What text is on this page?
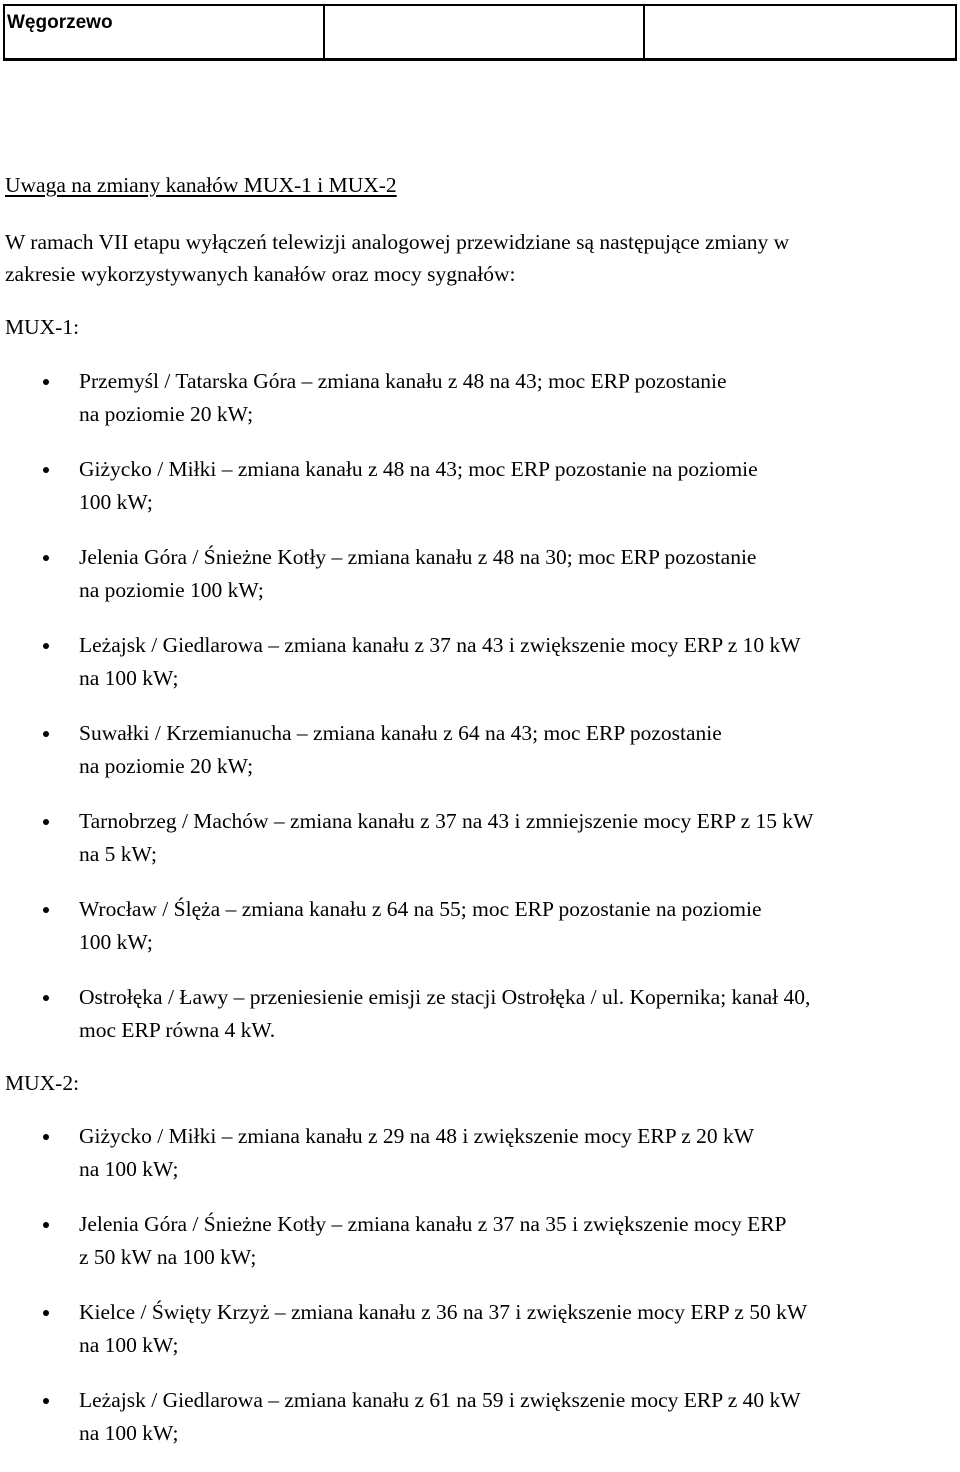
Węgorzewo

Uwaga na zmiany kanałów MUX-1 i MUX-2
W ramach VII etapu wyłączeń telewizji analogowej przewidziane są następujące zmiany w
zakresie wykorzystywanych kanałów oraz mocy sygnałów:
MUX-1:
Przemyśl / Tatarska Góra – zmiana kanału z 48 na 43; moc ERP pozostanie
na poziomie 20 kW;
Giżycko / Miłki – zmiana kanału z 48 na 43; moc ERP pozostanie na poziomie
100 kW;
Jelenia Góra / Śnieżne Kotły – zmiana kanału z 48 na 30; moc ERP pozostanie
na poziomie 100 kW;
Leżajsk / Giedlarowa – zmiana kanału z 37 na 43 i zwiększenie mocy ERP z 10 kW
na 100 kW;
Suwałki / Krzemianucha – zmiana kanału z 64 na 43; moc ERP pozostanie
na poziomie 20 kW;
Tarnobrzeg / Machów – zmiana kanału z 37 na 43 i zmniejszenie mocy ERP z 15 kW
na 5 kW;
Wrocław / Ślęża – zmiana kanału z 64 na 55; moc ERP pozostanie na poziomie
100 kW;
Ostrołęka / Ławy – przeniesienie emisji ze stacji Ostrołęka / ul. Kopernika; kanał 40,
moc ERP równa 4 kW.
MUX-2:
Giżycko / Miłki – zmiana kanału z 29 na 48 i zwiększenie mocy ERP z 20 kW
na 100 kW;
Jelenia Góra / Śnieżne Kotły – zmiana kanału z 37 na 35 i zwiększenie mocy ERP
z 50 kW na 100 kW;
Kielce / Święty Krzyż – zmiana kanału z 36 na 37 i zwiększenie mocy ERP z 50 kW
na 100 kW;
Leżajsk / Giedlarowa – zmiana kanału z 61 na 59 i zwiększenie mocy ERP z 40 kW
na 100 kW;
